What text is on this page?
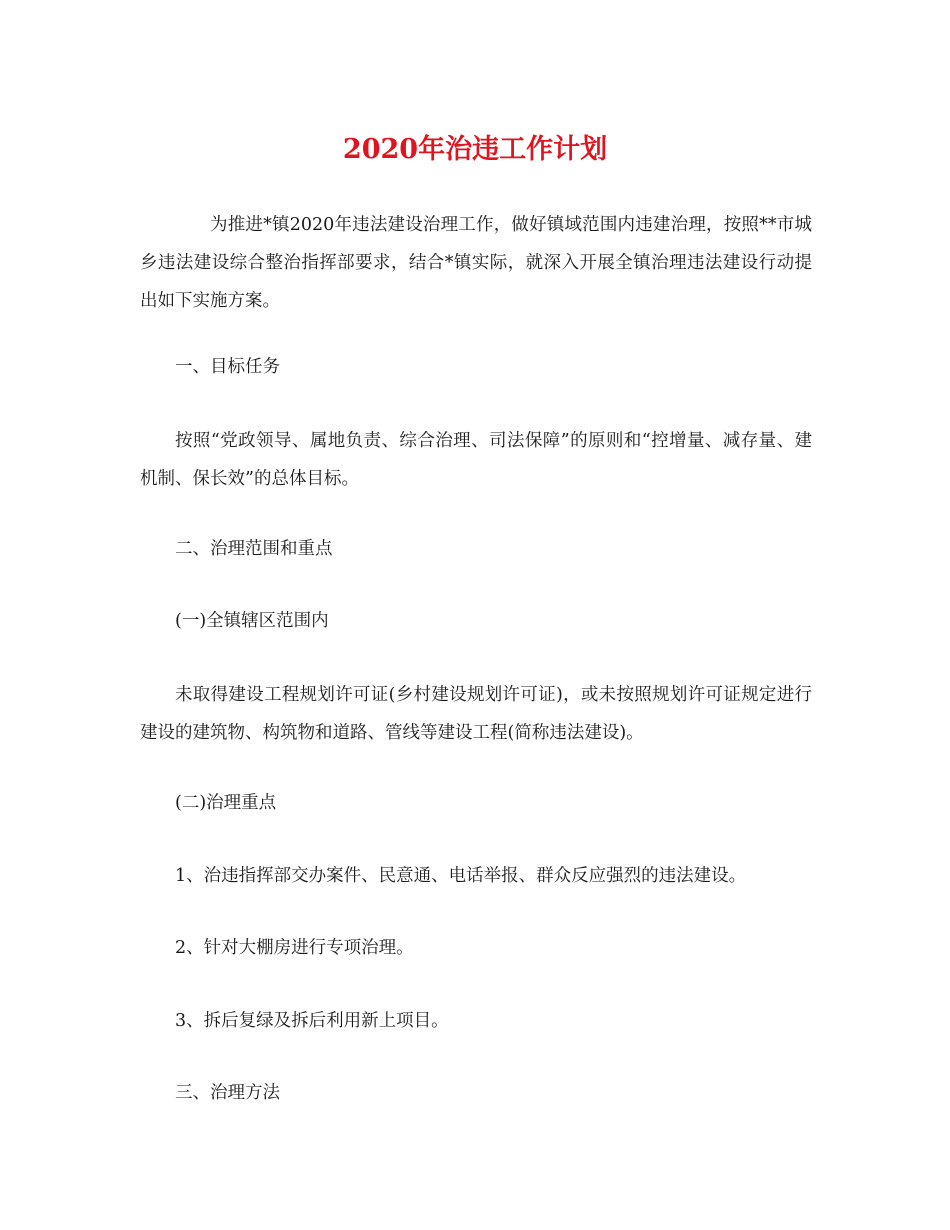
2020年治违工作计划

为推进*镇2020年违法建设治理工作，做好镇域范围内违建治理，按照**市城乡违法建设综合整治指挥部要求，结合*镇实际，就深入开展全镇治理违法建设行动提出如下实施方案。

一、目标任务

按照“党政领导、属地负责、综合治理、司法保障”的原则和“控增量、减存量、建机制、保长效”的总体目标。

二、治理范围和重点

(一)全镇辖区范围内

未取得建设工程规划许可证(乡村建设规划许可证)，或未按照规划许可证规定进行建设的建筑物、构筑物和道路、管线等建设工程(简称违法建设)。

(二)治理重点

1、治违指挥部交办案件、民意通、电话举报、群众反应强烈的违法建设。

2、针对大棚房进行专项治理。

3、拆后复绿及拆后利用新上项目。

三、治理方法
